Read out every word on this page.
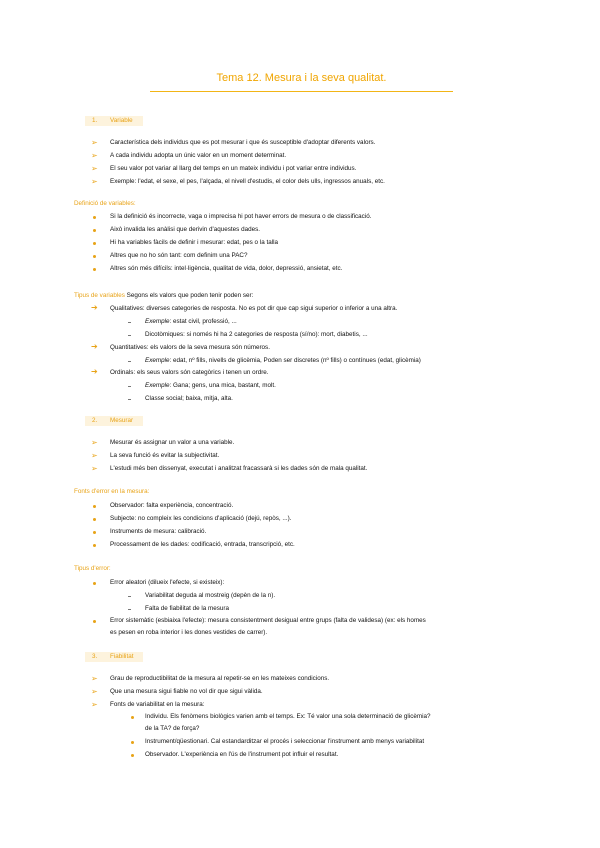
Tema 12. Mesura i la seva qualitat.
1. Variable
➢ Característica dels individus que es pot mesurar i que és susceptible d'adoptar diferents valors.
➢ A cada individu adopta un únic valor en un moment determinat.
➢ El seu valor pot variar al llarg del temps en un mateix individu i pot variar entre individus.
➢ Exemple: l'edat, el sexe, el pes, l'alçada, el nivell d'estudis, el color dels ulls, ingressos anuals, etc.
Definició de variables:
Si la definició és incorrecte, vaga o imprecisa hi pot haver errors de mesura o de classificació.
Això invalida les anàlisi que derivin d'aquestes dades.
Hi ha variables fàcils de definir i mesurar: edat, pes o la talla
Altres que no ho són tant: com definim una PAC?
Altres són més difícils: intel·ligència, qualitat de vida, dolor, depressió, ansietat, etc.
Tipus de variables Segons els valors que poden tenir poden ser:
➔ Qualitatives: diverses categories de resposta. No es pot dir que cap sigui superior o inferior a una altra.
Exemple: estat civil, professió, ...
Dicotòmiques: si només hi ha 2 categories de resposta (sí/no): mort, diabetis, ...
➔ Quantitatives: els valors de la seva mesura són números.
Exemple: edat, nº fills, nivells de glicèmia, Poden ser discretes (nº fills) o contínues (edat, glicèmia)
➔ Ordinals: els seus valors són categòrics i tenen un ordre.
Exemple: Gana; gens, una mica, bastant, molt.
Classe social; baixa, mitja, alta.
2. Mesurar
➢ Mesurar és assignar un valor a una variable.
➢ La seva funció és evitar la subjectivitat.
➢ L'estudi més ben dissenyat, executat i analitzat fracassarà si les dades són de mala qualitat.
Fonts d'error en la mesura:
Observador: falta experiència, concentració.
Subjecte: no compleix les condicions d'aplicació (dejú, repòs, ...).
Instruments de mesura: calibració.
Processament de les dades: codificació, entrada, transcripció, etc.
Tipus d'error:
Error aleatori (dilueix l'efecte, si existeix):
Variabilitat deguda al mostreig (depèn de la n).
Falta de fiabilitat de la mesura
Error sistemàtic (esbiaixa l'efecte): mesura consistentment desigual entre grups (falta de validesa) (ex: els homes
es pesen en roba interior i les dones vestides de carrer).
3. Fiabilitat
➢ Grau de reproductibilitat de la mesura al repetir-se en les mateixes condicions.
➢ Que una mesura sigui fiable no vol dir que sigui vàlida.
➢ Fonts de variabilitat en la mesura:
Individu. Els fenòmens biològics varien amb el temps. Ex: Té valor una sola determinació de glicèmia?
de la TA? de força?
Instrument/qüestionari. Cal estandarditzar el procés i seleccionar l'instrument amb menys variabilitat
Observador. L'experiència en l'ús de l'instrument pot influir el resultat.
